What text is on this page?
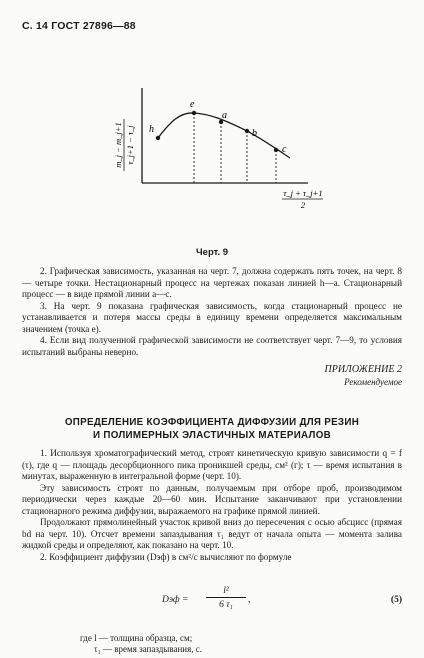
С. 14 ГОСТ 27896—88
h
e
a
b
c
m_j − m_j+1 τ_j+1 − τ_j
τ_j + τ_j+1
2
Черт. 9

2. Графическая зависимость, указанная на черт. 7, должна содержать пять точек, на черт. 8 — четыре точки. Нестационарный процесс на чертежах показан линией h—a. Стационарный процесс — в виде прямой линии a—c.

3. На черт. 9 показана графическая зависимость, когда стационарный процесс не устанавливается и потеря массы среды в единицу времени определяется максимальным значением (точка e).

4. Если вид полученной графической зависимости не соответствует черт. 7—9, то условия испытаний выбраны неверно.

ПРИЛОЖЕНИЕ 2
Рекомендуемое
ОПРЕДЕЛЕНИЕ КОЭФФИЦИЕНТА ДИФФУЗИИ ДЛЯ РЕЗИН
И ПОЛИМЕРНЫХ ЭЛАСТИЧНЫХ МАТЕРИАЛОВ

1. Используя хроматографический метод, строят кинетическую кривую зависимости q = f (τ), где q — площадь десорбционного пика проникшей среды, см² (г); τ — время испытания в минутах, выраженную в интегральной форме (черт. 10).

Эту зависимость строят по данным, получаемым при отборе проб, производимом периодически через каждые 20—60 мин. Испытание заканчивают при установлении стационарного режима диффузии, выражаемого на графике прямой линией.

Продолжают прямолинейный участок кривой вниз до пересечения с осью абсцисс (прямая bd на черт. 10). Отсчет времени запаздывания τ₁ ведут от начала опыта — момента залива жидкой среды и определяют, как показано на черт. 10.

2. Коэффициент диффузии (Dэф) в см²/с вычисляют по формуле

Dэф = $\frac{\text{l²}}{\text{6 τ₁}}$ ,	(5)
где l — толщина образца, см;
τ₁ — время запаздывания, с.
